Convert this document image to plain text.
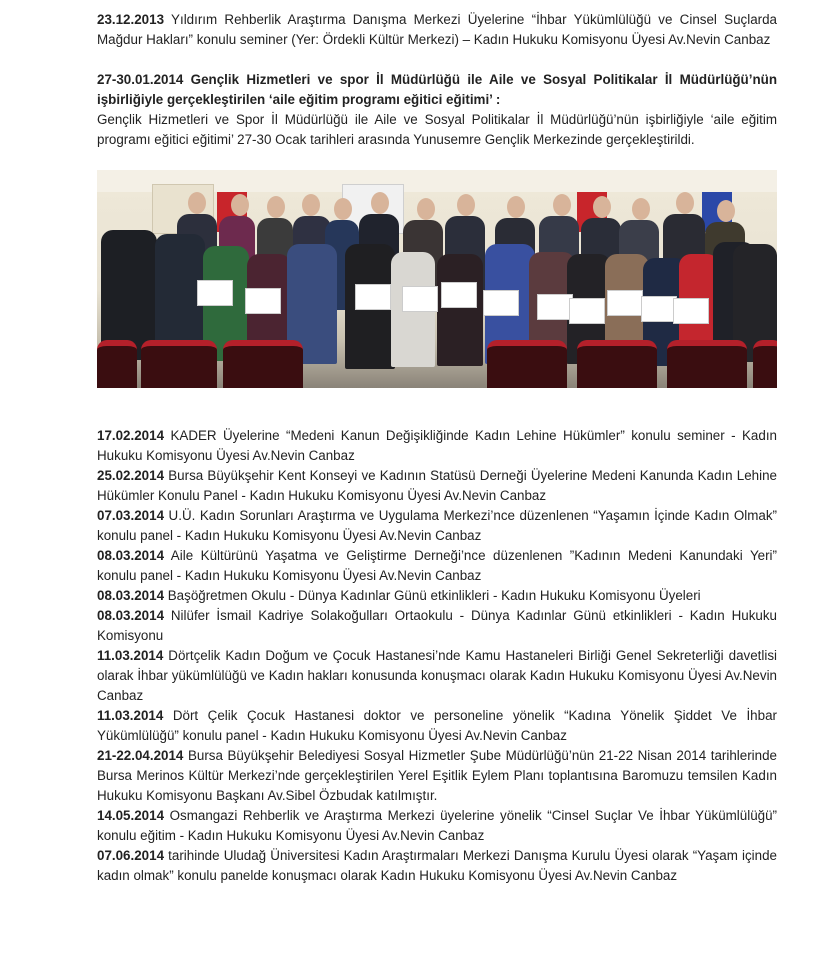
23.12.2013 Yıldırım Rehberlik Araştırma Danışma Merkezi Üyelerine “İhbar Yükümlülüğü ve Cinsel Suçlarda Mağdur Hakları” konulu seminer (Yer: Ördekli Kültür Merkezi) – Kadın Hukuku Komisyonu Üyesi Av.Nevin Canbaz

27-30.01.2014 Gençlik Hizmetleri ve spor İl Müdürlüğü ile Aile ve Sosyal Politikalar İl Müdürlüğü’nün işbirliğiyle gerçekleştirilen ‘aile eğitim programı eğitici eğitimi’ :

Gençlik Hizmetleri ve Spor İl Müdürlüğü ile Aile ve Sosyal Politikalar İl Müdürlüğü’nün işbirliğiyle ‘aile eğitim programı eğitici eğitimi’ 27-30 Ocak tarihleri arasında Yunusemre Gençlik Merkezinde gerçekleştirildi.

17.02.2014 KADER Üyelerine “Medeni Kanun Değişikliğinde Kadın Lehine Hükümler” konulu seminer - Kadın Hukuku Komisyonu Üyesi Av.Nevin Canbaz

25.02.2014 Bursa Büyükşehir Kent Konseyi ve Kadının Statüsü Derneği Üyelerine Medeni Kanunda Kadın Lehine Hükümler Konulu Panel - Kadın Hukuku Komisyonu Üyesi Av.Nevin Canbaz

07.03.2014 U.Ü. Kadın Sorunları Araştırma ve Uygulama Merkezi’nce düzenlenen “Yaşamın İçinde Kadın Olmak” konulu panel - Kadın Hukuku Komisyonu Üyesi Av.Nevin Canbaz

08.03.2014 Aile Kültürünü Yaşatma ve Geliştirme Derneği’nce düzenlenen ”Kadının Medeni Kanundaki Yeri” konulu panel - Kadın Hukuku Komisyonu Üyesi Av.Nevin Canbaz

08.03.2014 Başöğretmen Okulu - Dünya Kadınlar Günü etkinlikleri - Kadın Hukuku Komisyonu Üyeleri

08.03.2014 Nilüfer İsmail Kadriye Solakoğulları Ortaokulu - Dünya Kadınlar Günü etkinlikleri - Kadın Hukuku Komisyonu

11.03.2014 Dörtçelik Kadın Doğum ve Çocuk Hastanesi’nde Kamu Hastaneleri Birliği Genel Sekreterliği davetlisi olarak İhbar yükümlülüğü ve Kadın hakları konusunda konuşmacı olarak Kadın Hukuku Komisyonu Üyesi Av.Nevin Canbaz

11.03.2014 Dört Çelik Çocuk Hastanesi doktor ve personeline yönelik “Kadına Yönelik Şiddet Ve İhbar Yükümlülüğü” konulu panel - Kadın Hukuku Komisyonu Üyesi Av.Nevin Canbaz

21-22.04.2014 Bursa Büyükşehir Belediyesi Sosyal Hizmetler Şube Müdürlüğü’nün 21-22 Nisan 2014 tarihlerinde Bursa Merinos Kültür Merkezi’nde gerçekleştirilen Yerel Eşitlik Eylem Planı toplantısına Baromuzu temsilen Kadın Hukuku Komisyonu Başkanı Av.Sibel Özbudak katılmıştır.

14.05.2014 Osmangazi Rehberlik ve Araştırma Merkezi üyelerine yönelik “Cinsel Suçlar Ve İhbar Yükümlülüğü” konulu eğitim - Kadın Hukuku Komisyonu Üyesi Av.Nevin Canbaz

07.06.2014 tarihinde Uludağ Üniversitesi Kadın Araştırmaları Merkezi Danışma Kurulu Üyesi olarak “Yaşam içinde kadın olmak” konulu panelde konuşmacı olarak Kadın Hukuku Komisyonu Üyesi Av.Nevin Canbaz
